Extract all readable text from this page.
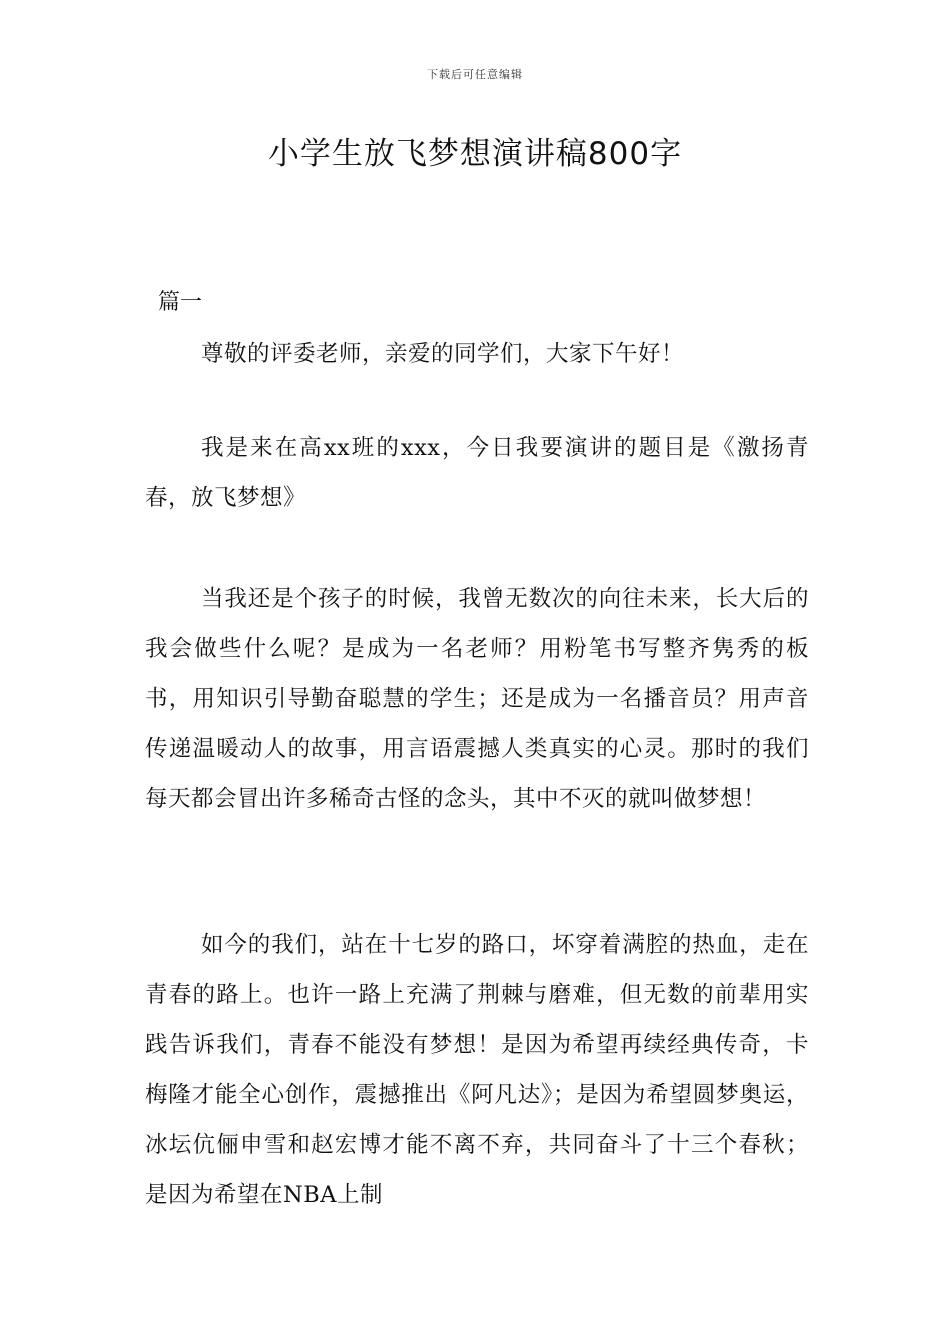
下载后可任意编辑
小学生放飞梦想演讲稿800字

篇一

尊敬的评委老师，亲爱的同学们，大家下午好！

我是来在高xx班的xxx，今日我要演讲的题目是《激扬青春，放飞梦想》

当我还是个孩子的时候，我曾无数次的向往未来，长大后的我会做些什么呢？是成为一名老师？用粉笔书写整齐隽秀的板书，用知识引导勤奋聪慧的学生；还是成为一名播音员？用声音传递温暖动人的故事，用言语震撼人类真实的心灵。那时的我们每天都会冒出许多稀奇古怪的念头，其中不灭的就叫做梦想！

如今的我们，站在十七岁的路口，坏穿着满腔的热血，走在青春的路上。也许一路上充满了荆棘与磨难，但无数的前辈用实践告诉我们，青春不能没有梦想！是因为希望再续经典传奇，卡梅隆才能全心创作，震撼推出《阿凡达》；是因为希望圆梦奥运，冰坛伉俪申雪和赵宏博才能不离不弃，共同奋斗了十三个春秋；是因为希望在NBA上制
